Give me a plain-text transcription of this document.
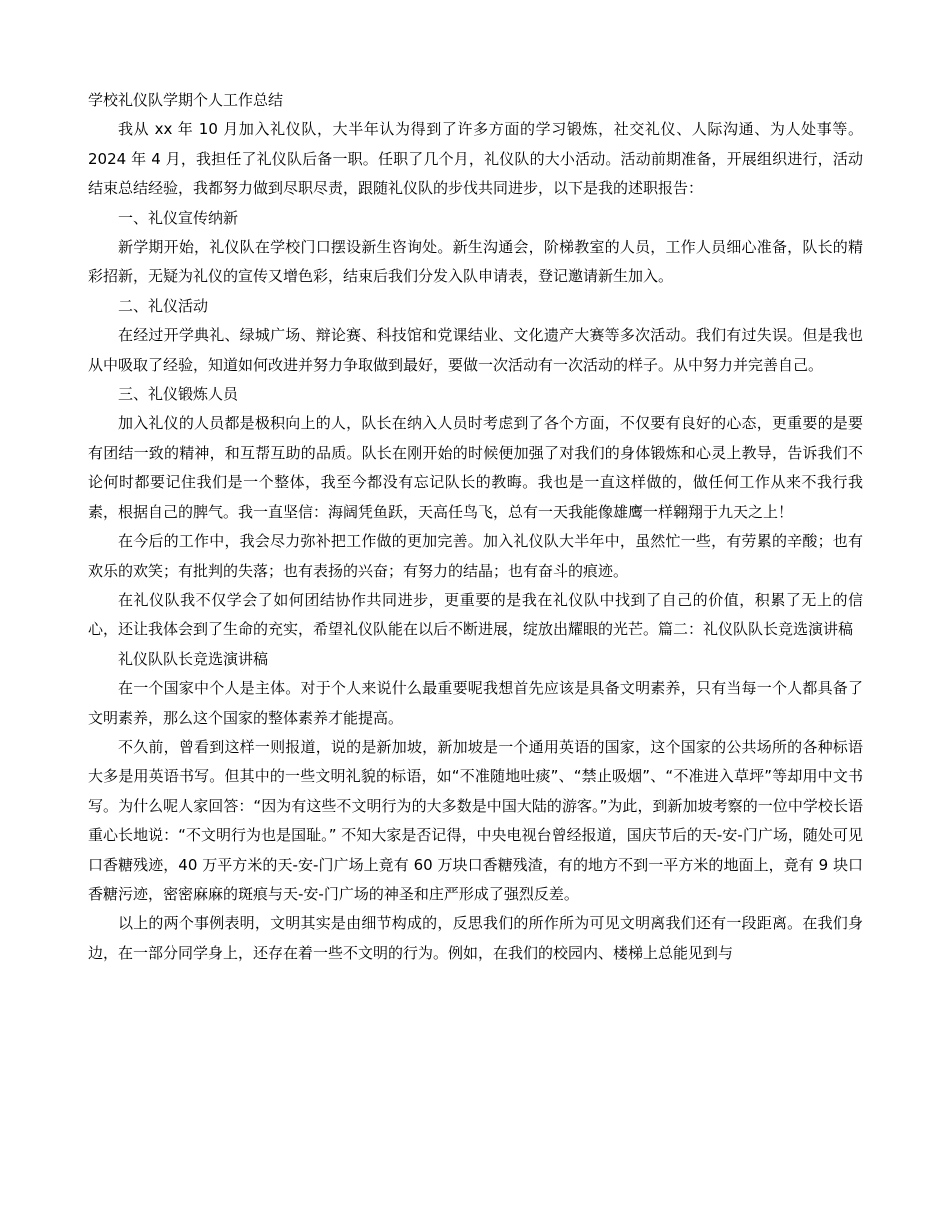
学校礼仪队学期个人工作总结

我从 xx 年 10 月加入礼仪队，大半年认为得到了许多方面的学习锻炼，社交礼仪、人际沟通、为人处事等。2024 年 4 月，我担任了礼仪队后备一职。任职了几个月，礼仪队的大小活动。活动前期准备，开展组织进行，活动结束总结经验，我都努力做到尽职尽责，跟随礼仪队的步伐共同进步，以下是我的述职报告：

一、礼仪宣传纳新

新学期开始，礼仪队在学校门口摆设新生咨询处。新生沟通会，阶梯教室的人员，工作人员细心准备，队长的精彩招新，无疑为礼仪的宣传又增色彩，结束后我们分发入队申请表，登记邀请新生加入。

二、礼仪活动

在经过开学典礼、绿城广场、辩论赛、科技馆和党课结业、文化遗产大赛等多次活动。我们有过失误。但是我也从中吸取了经验，知道如何改进并努力争取做到最好，要做一次活动有一次活动的样子。从中努力并完善自己。

三、礼仪锻炼人员

加入礼仪的人员都是极积向上的人，队长在纳入人员时考虑到了各个方面，不仅要有良好的心态，更重要的是要有团结一致的精神，和互帮互助的品质。队长在刚开始的时候便加强了对我们的身体锻炼和心灵上教导，告诉我们不论何时都要记住我们是一个整体，我至今都没有忘记队长的教晦。我也是一直这样做的，做任何工作从来不我行我素，根据自己的脾气。我一直坚信：海阔凭鱼跃，天高任鸟飞，总有一天我能像雄鹰一样翱翔于九天之上！

在今后的工作中，我会尽力弥补把工作做的更加完善。加入礼仪队大半年中，虽然忙一些，有劳累的辛酸；也有欢乐的欢笑；有批判的失落；也有表扬的兴奋；有努力的结晶；也有奋斗的痕迹。

在礼仪队我不仅学会了如何团结协作共同进步，更重要的是我在礼仪队中找到了自己的价值，积累了无上的信心，还让我体会到了生命的充实，希望礼仪队能在以后不断进展，绽放出耀眼的光芒。篇二：礼仪队队长竞选演讲稿

礼仪队队长竞选演讲稿

在一个国家中个人是主体。对于个人来说什么最重要呢我想首先应该是具备文明素养，只有当每一个人都具备了文明素养，那么这个国家的整体素养才能提高。

不久前，曾看到这样一则报道，说的是新加坡，新加坡是一个通用英语的国家，这个国家的公共场所的各种标语大多是用英语书写。但其中的一些文明礼貌的标语，如“不准随地吐痰”、“禁止吸烟”、“不准进入草坪”等却用中文书写。为什么呢人家回答：“因为有这些不文明行为的大多数是中国大陆的游客。”为此，到新加坡考察的一位中学校长语重心长地说：“不文明行为也是国耻。” 不知大家是否记得，中央电视台曾经报道，国庆节后的天-安-门广场，随处可见口香糖残迹，40 万平方米的天-安-门广场上竟有 60 万块口香糖残渣，有的地方不到一平方米的地面上，竟有 9 块口香糖污迹，密密麻麻的斑痕与天-安-门广场的神圣和庄严形成了强烈反差。

以上的两个事例表明，文明其实是由细节构成的，反思我们的所作所为可见文明离我们还有一段距离。在我们身边，在一部分同学身上，还存在着一些不文明的行为。例如，在我们的校园内、楼梯上总能见到与
